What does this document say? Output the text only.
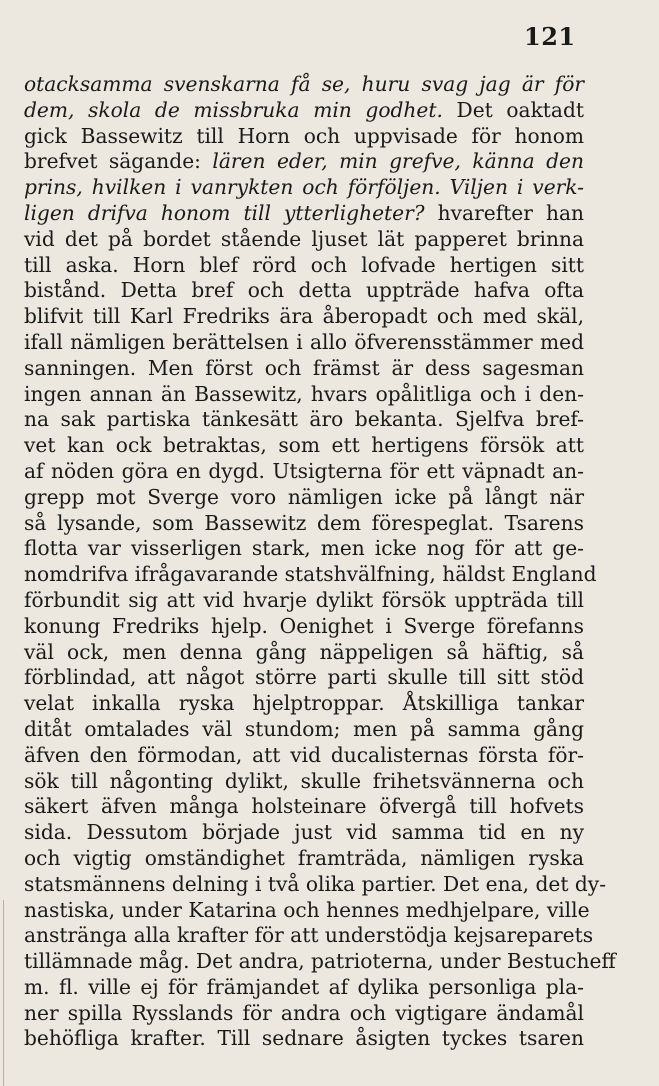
121
otacksamma svenskarna få se, huru svag jag är för
dem, skola de missbruka min godhet. Det oaktadt
gick Bassewitz till Horn och uppvisade för honom
brefvet sägande: lären eder, min grefve, känna den
prins, hvilken i vanrykten och förföljen. Viljen i verk-
ligen drifva honom till ytterligheter? hvarefter han
vid det på bordet stående ljuset lät papperet brinna
till aska. Horn blef rörd och lofvade hertigen sitt
bistånd. Detta bref och detta uppträde hafva ofta
blifvit till Karl Fredriks ära åberopadt och med skäl,
ifall nämligen berättelsen i allo öfverensstämmer med
sanningen. Men först och främst är dess sagesman
ingen annan än Bassewitz, hvars opålitliga och i den-
na sak partiska tänkesätt äro bekanta. Sjelfva bref-
vet kan ock betraktas, som ett hertigens försök att
af nöden göra en dygd. Utsigterna för ett väpnadt an-
grepp mot Sverge voro nämligen icke på långt när
så lysande, som Bassewitz dem förespeglat. Tsarens
flotta var visserligen stark, men icke nog för att ge-
nomdrifva ifrågavarande statshvälfning, häldst England
förbundit sig att vid hvarje dylikt försök uppträda till
konung Fredriks hjelp. Oenighet i Sverge förefanns
väl ock, men denna gång näppeligen så häftig, så
förblindad, att något större parti skulle till sitt stöd
velat inkalla ryska hjelptroppar. Åtskilliga tankar
ditåt omtalades väl stundom; men på samma gång
äfven den förmodan, att vid ducalisternas första för-
sök till någonting dylikt, skulle frihetsvännerna och
säkert äfven många holsteinare öfvergå till hofvets
sida. Dessutom började just vid samma tid en ny
och vigtig omständighet framträda, nämligen ryska
statsmännens delning i två olika partier. Det ena, det dy-
nastiska, under Katarina och hennes medhjelpare, ville
anstränga alla krafter för att understödja kejsareparets
tillämnade måg. Det andra, patrioterna, under Bestucheff
m. fl. ville ej för främjandet af dylika personliga pla-
ner spilla Rysslands för andra och vigtigare ändamål
behöfliga krafter. Till sednare åsigten tyckes tsaren
